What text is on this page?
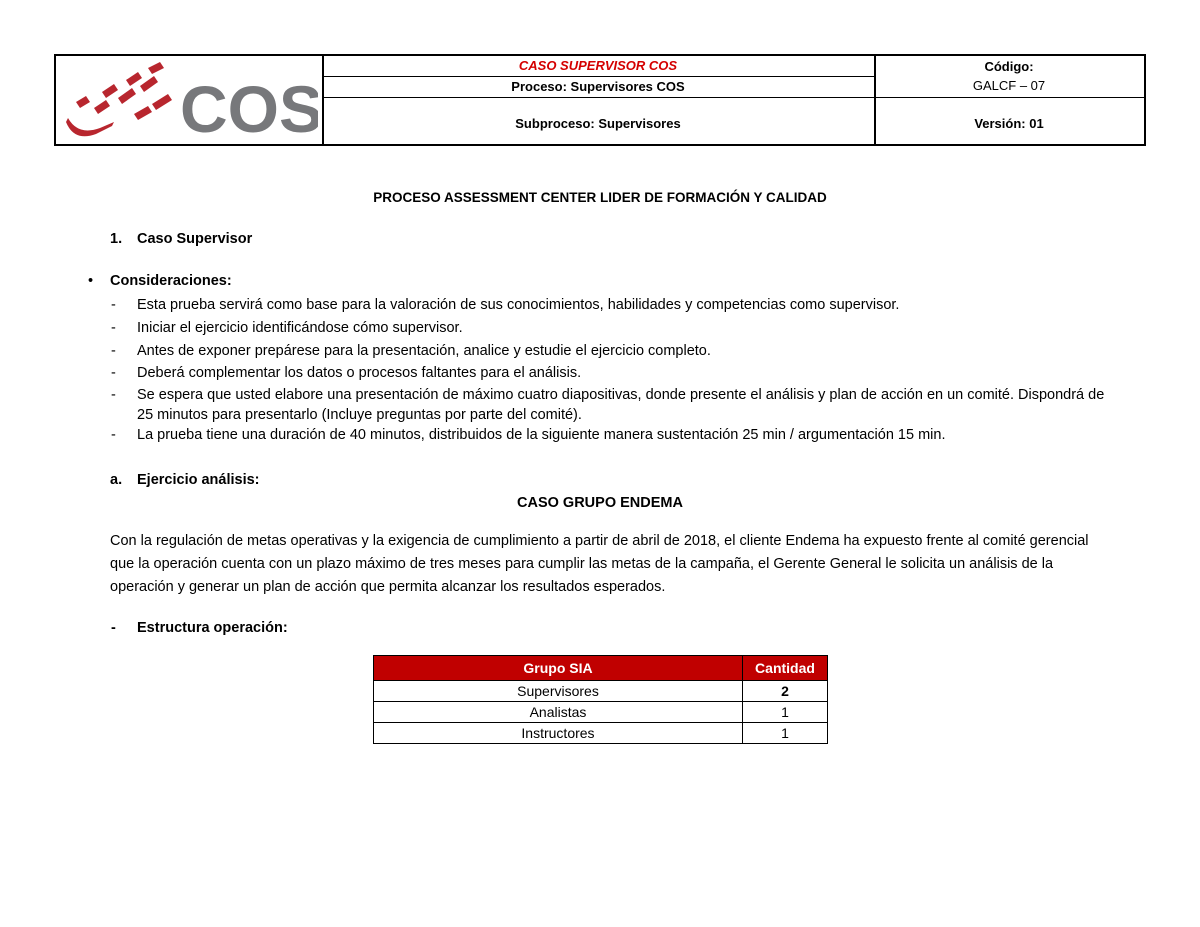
COS
CASO SUPERVISOR COS
Proceso: Supervisores COS
Subproceso: Supervisores
Código:
GALCF – 07
Versión: 01
PROCESO ASSESSMENT CENTER LIDER DE FORMACIÓN Y CALIDAD
1. Caso Supervisor
• Consideraciones:
- Esta prueba servirá como base para la valoración de sus conocimientos, habilidades y competencias como supervisor.
- Iniciar el ejercicio identificándose cómo supervisor.
- Antes de exponer prepárese para la presentación, analice y estudie el ejercicio completo.
- Deberá complementar los datos o procesos faltantes para el análisis.
- Se espera que usted elabore una presentación de máximo cuatro diapositivas, donde presente el análisis y plan de acción en un comité. Dispondrá de
25 minutos para presentarlo (Incluye preguntas por parte del comité).
- La prueba tiene una duración de 40 minutos, distribuidos de la siguiente manera sustentación 25 min / argumentación 15 min.
a. Ejercicio análisis:
CASO GRUPO ENDEMA
Con la regulación de metas operativas y la exigencia de cumplimiento a partir de abril de 2018, el cliente Endema ha expuesto frente al comité gerencial
que la operación cuenta con un plazo máximo de tres meses para cumplir las metas de la campaña, el Gerente General le solicita un análisis de la
operación y generar un plan de acción que permita alcanzar los resultados esperados.
- Estructura operación:
Grupo SIA	Cantidad
Supervisores	2
Analistas	1
Instructores	1
